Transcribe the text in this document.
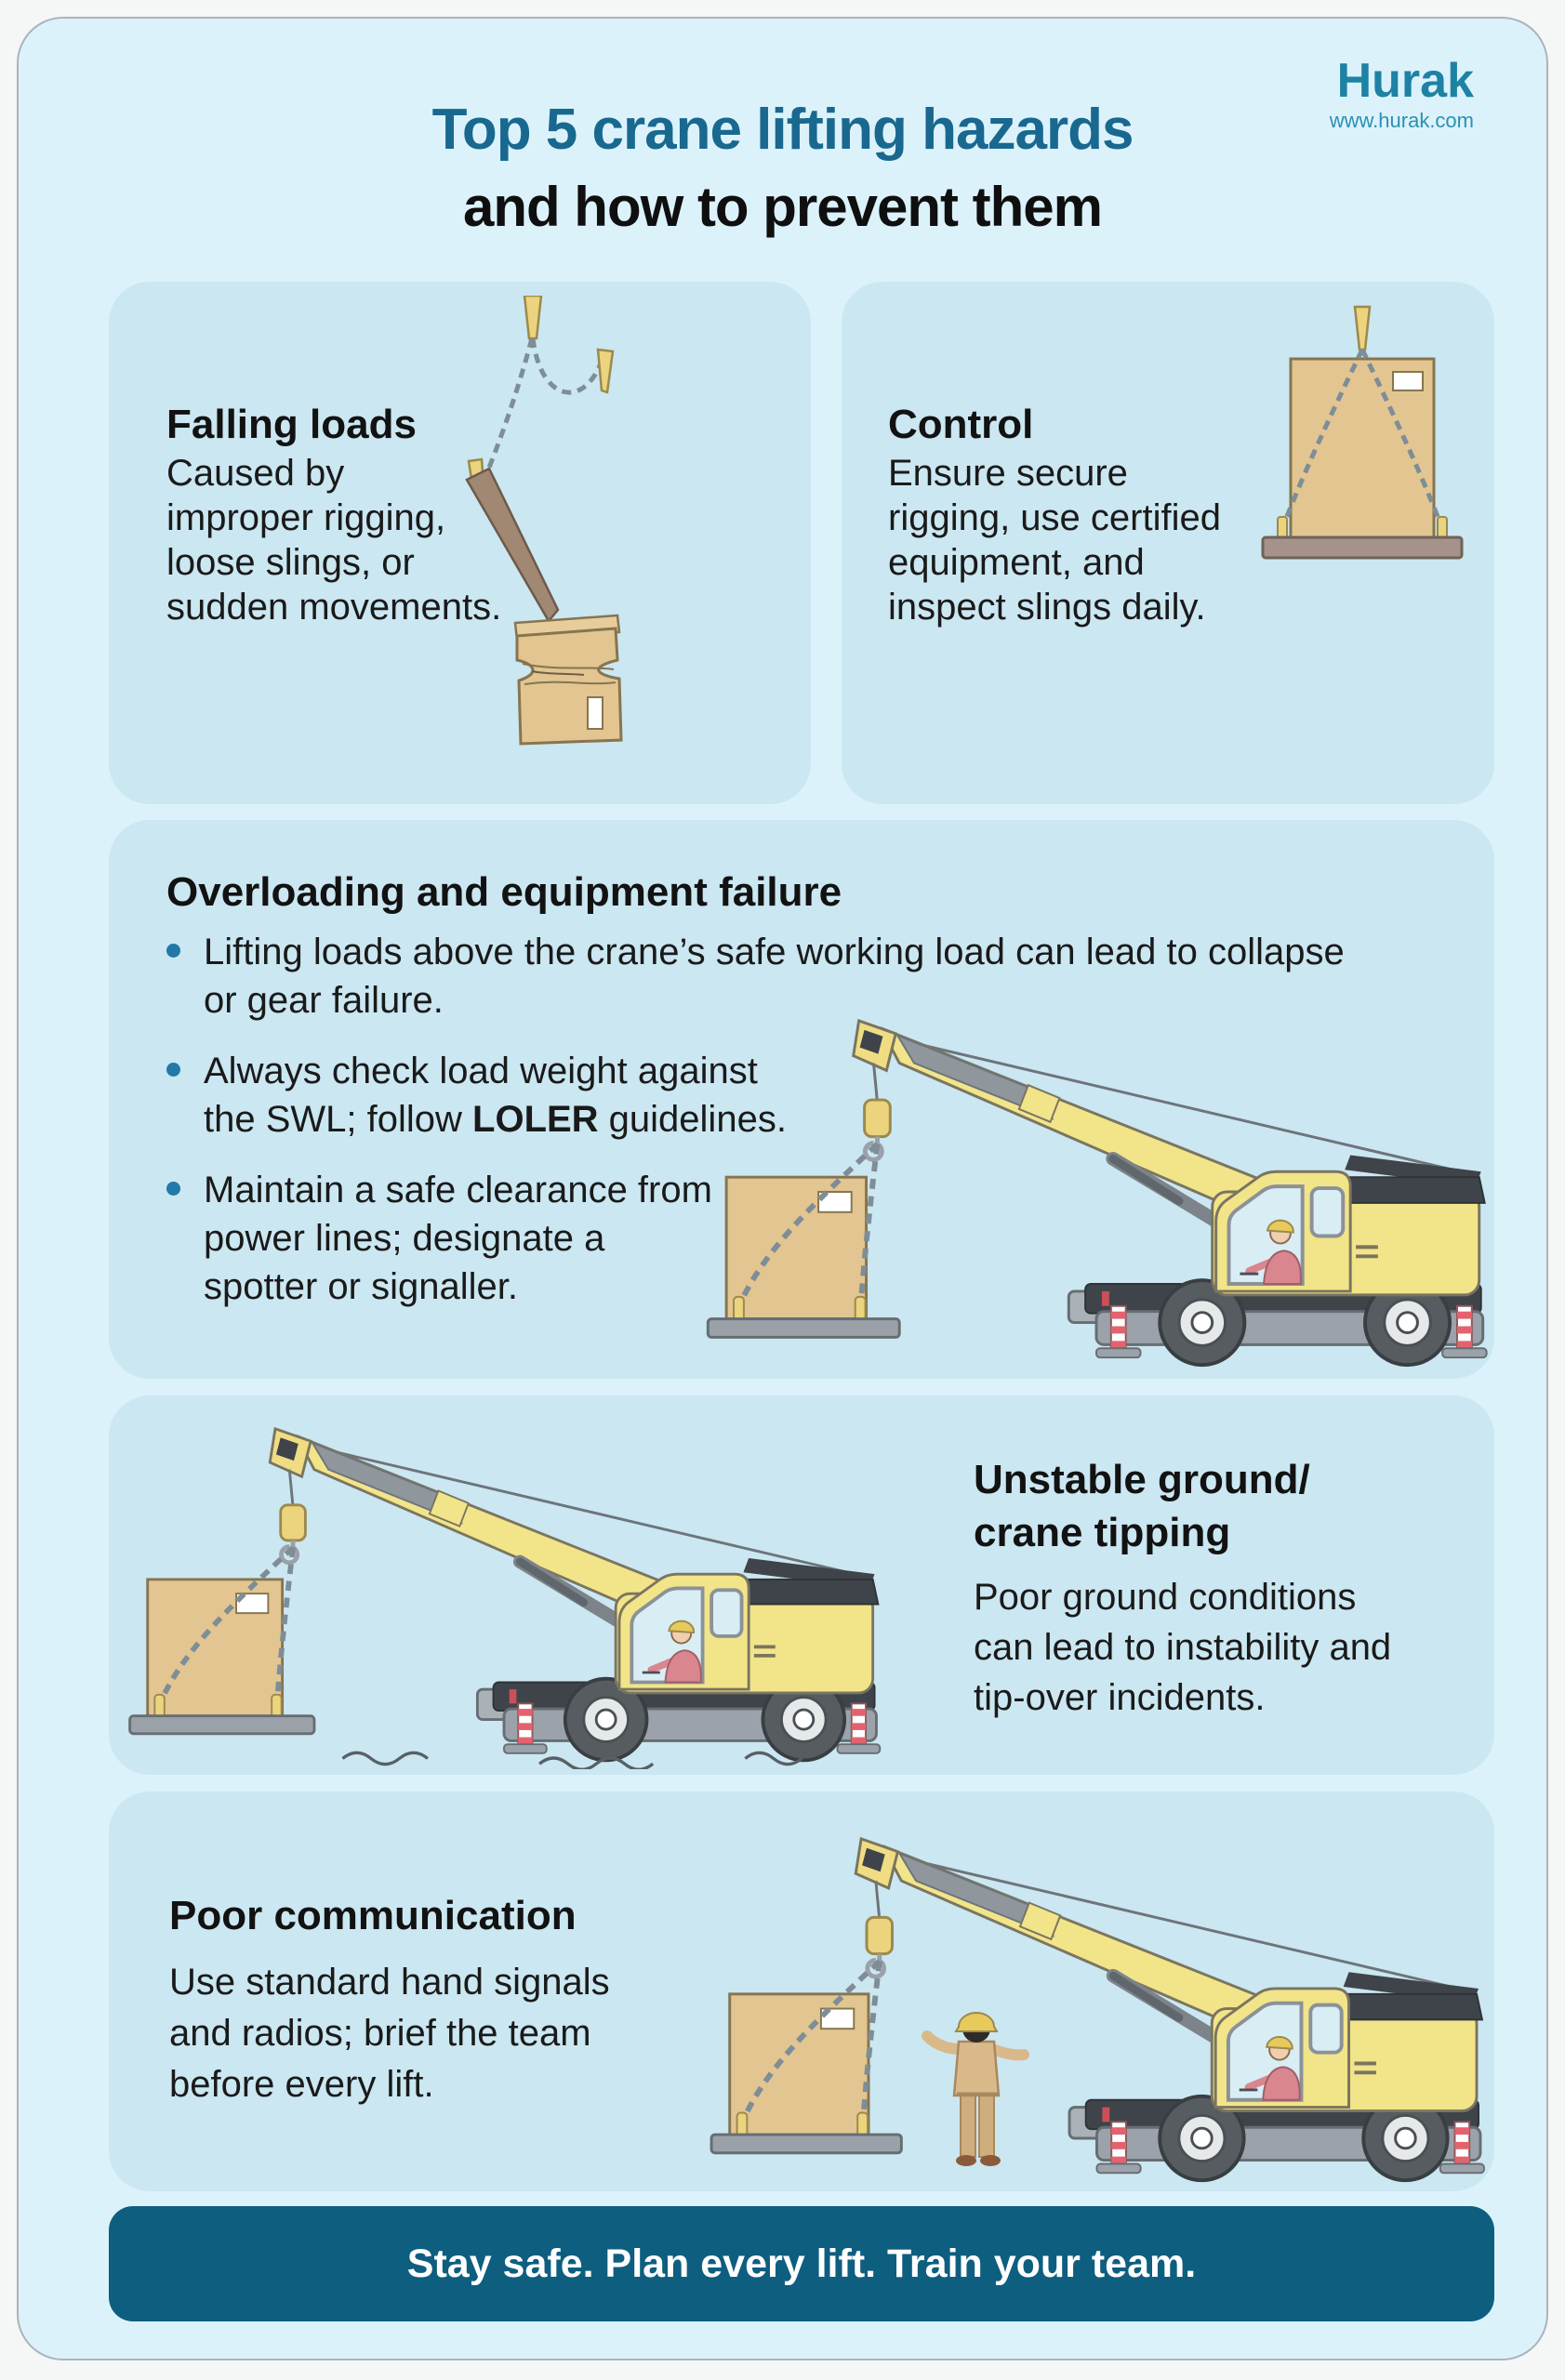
Top 5 crane lifting hazards
and how to prevent them
Hurak
www.hurak.com
Falling loads
Caused by
improper rigging,
loose slings, or
sudden movements.
Control
Ensure secure
rigging, use certified
equipment, and
inspect slings daily.
Overloading and equipment failure
Lifting loads above the crane’s safe working load can lead to collapse
or gear failure.
Always check load weight against
the SWL; follow LOLER guidelines.
Maintain a safe clearance from
power lines; designate a
spotter or signaller.
Unstable ground/
crane tipping
Poor ground conditions
can lead to instability and
tip-over incidents.
Poor communication
Use standard hand signals
and radios; brief the team
before every lift.
Stay safe. Plan every lift. Train your team.
